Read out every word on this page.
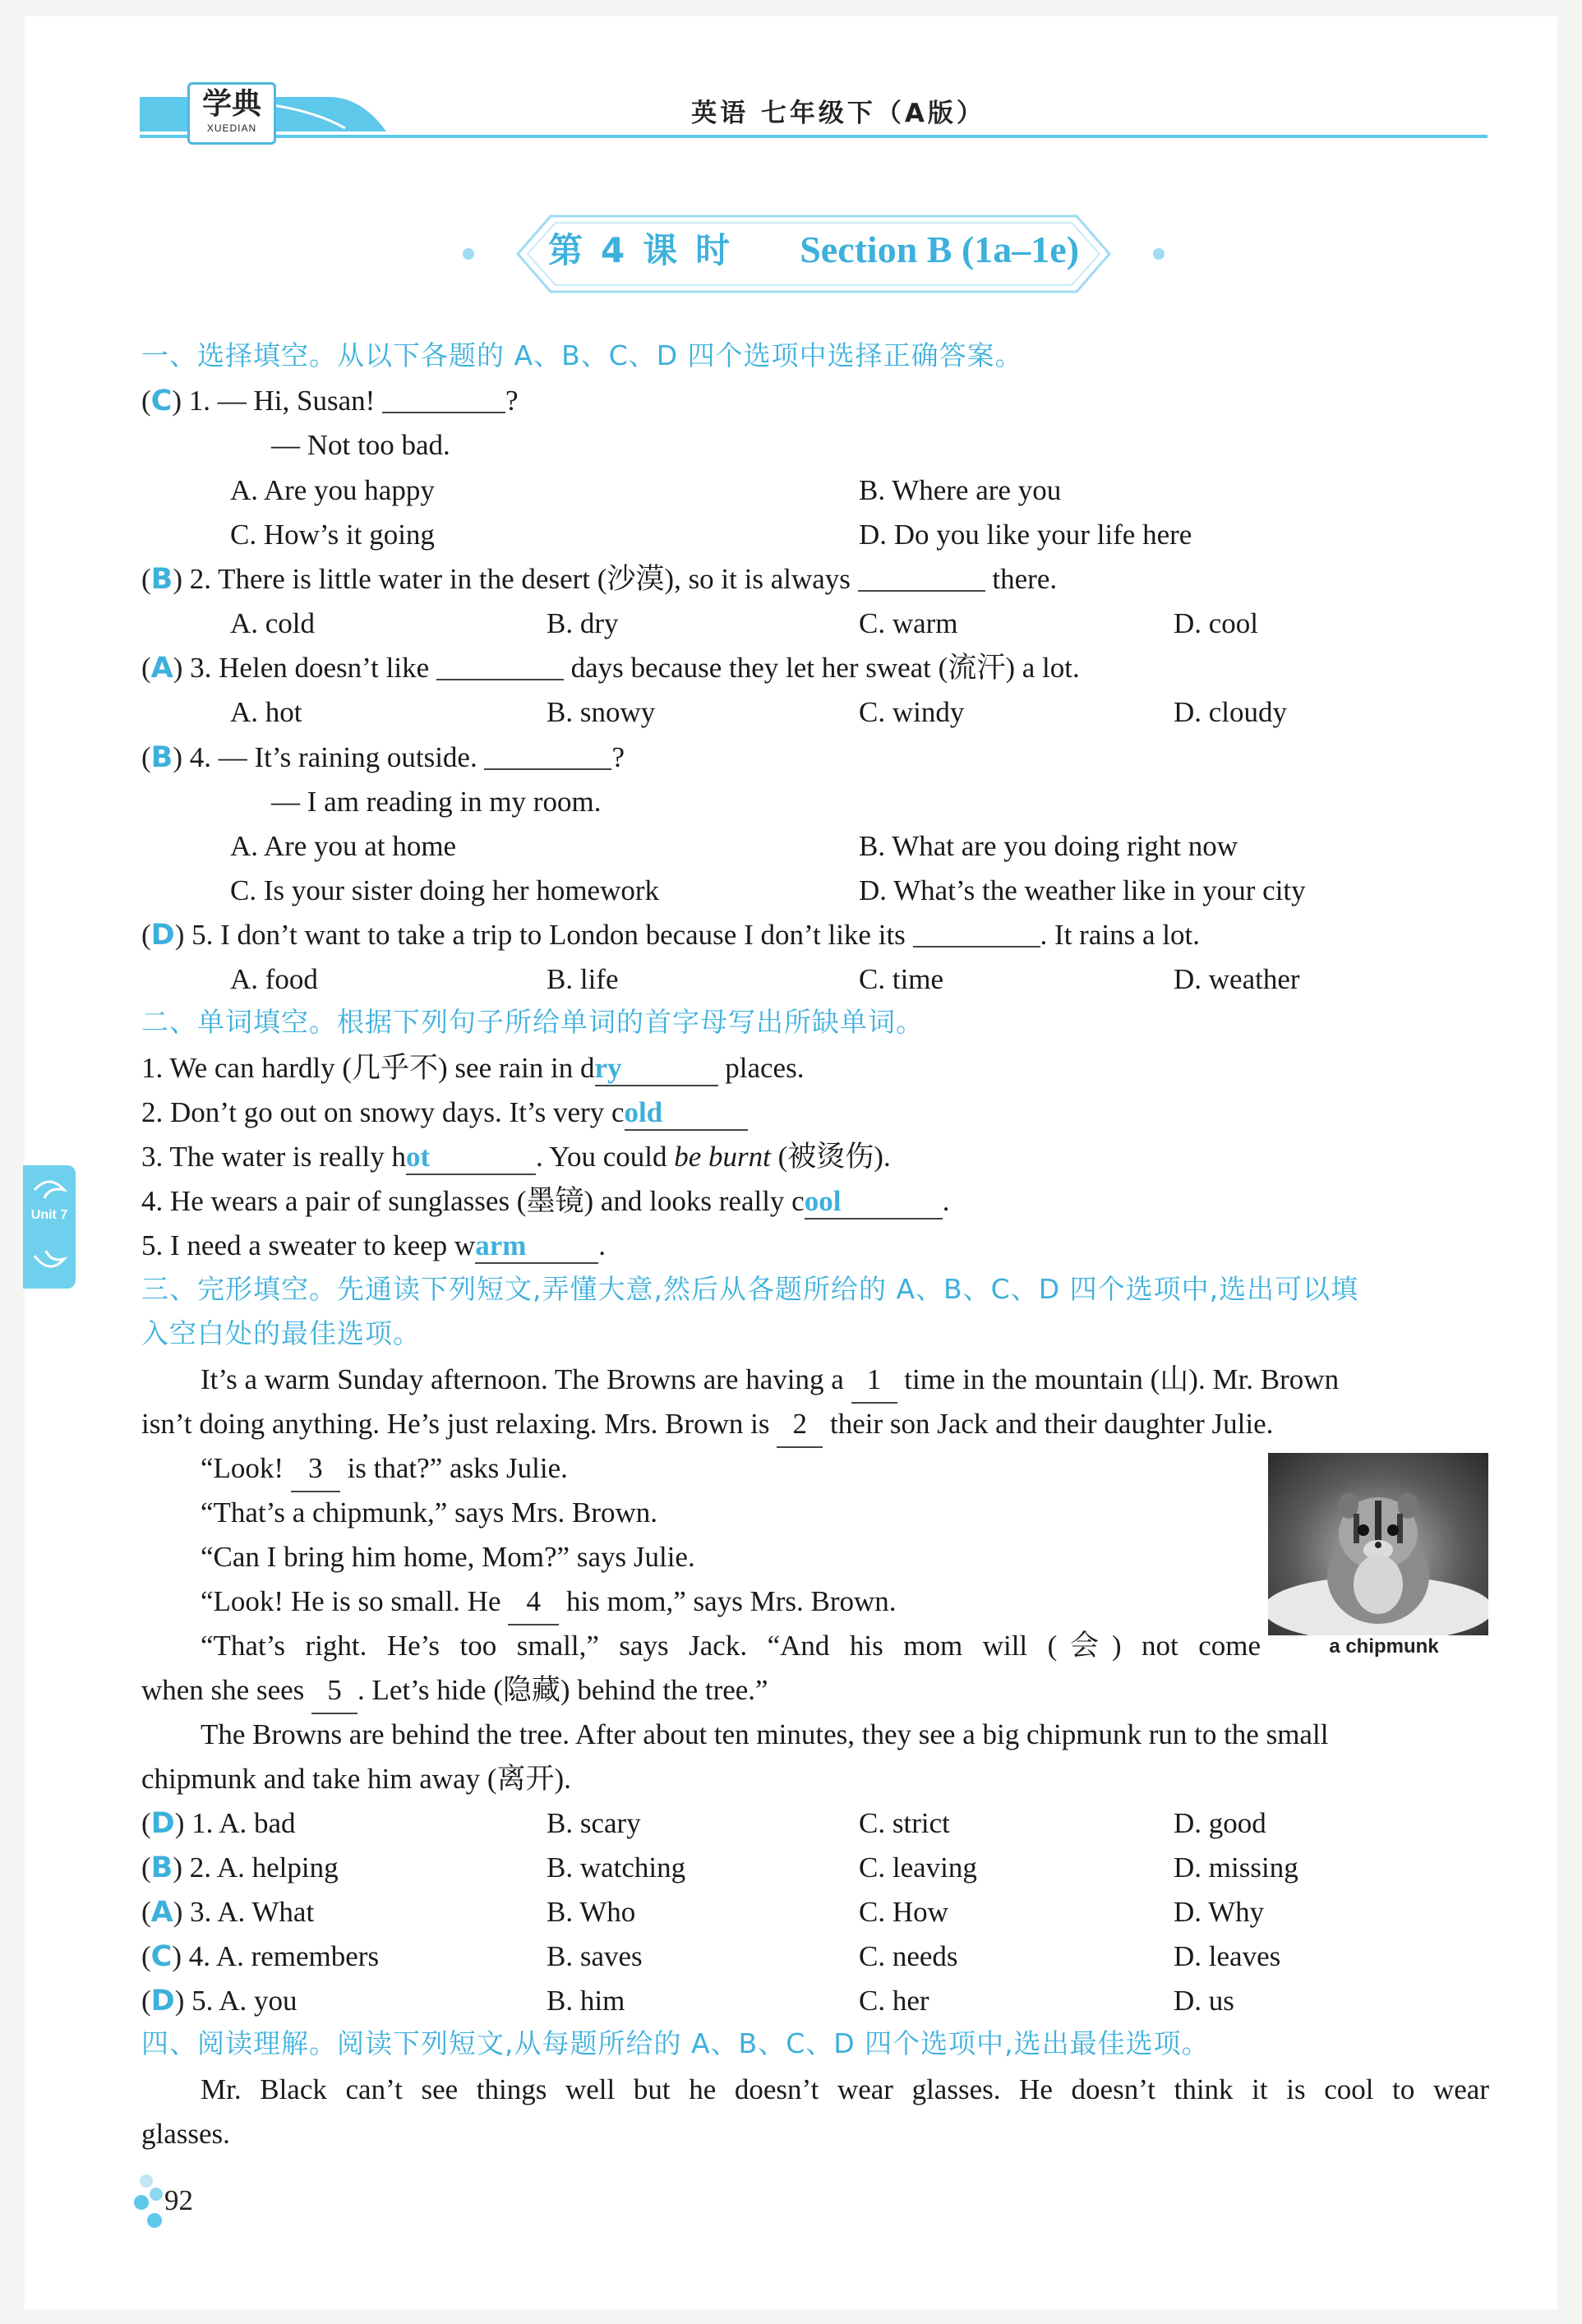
学典
XUEDIAN	英语 七年级下（A版）
第4课时 Section B (1a–1e)
一、选择填空。从以下各题的 A、B、C、D 四个选项中选择正确答案。
(C) 1. — Hi, Susan!	?
— Not too bad.
A. Are you happy	B. Where are you
C. How’s it going	D. Do you like your life here
(B) 2. There is little water in the desert (沙漠), so it is always	there.
A. cold	B. dry	C. warm	D. cool
(A) 3. Helen doesn’t like	days because they let her sweat (流汗) a lot.
A. hot	B. snowy	C. windy	D. cloudy
(B) 4. — It’s raining outside.	?
— I am reading in my room.
A. Are you at home	B. What are you doing right now
C. Is your sister doing her homework	D. What’s the weather like in your city
(D) 5. I don’t want to take a trip to London because I don’t like its	. It rains a lot.
A. food	B. life	C. time	D. weather
二、单词填空。根据下列句子所给单词的首字母写出所缺单词。
1. We can hardly (几乎不) see rain in dry	places.
2. Don’t go out on snowy days. It’s very cold
3. The water is really hot	. You could be burnt (被烫伤).
4. He wears a pair of sunglasses (墨镜) and looks really cool	.
5. I need a sweater to keep warm	.
三、完形填空。先通读下列短文,弄懂大意,然后从各题所给的 A、B、C、D 四个选项中,选出可以填
入空白处的最佳选项。
It’s a warm Sunday afternoon. The Browns are having a 1 time in the mountain (山). Mr. Brown
isn’t doing anything. He’s just relaxing. Mrs. Brown is 2 their son Jack and their daughter Julie.
“Look! 3 is that?” asks Julie.
“That’s a chipmunk,” says Mrs. Brown.
“Can I bring him home, Mom?” says Julie.
“Look! He is so small. He 4 his mom,” says Mrs. Brown.
“That’s right. He’s too small,” says Jack. “And his mom will (会) not come
when she sees 5 . Let’s hide (隐藏) behind the tree.”
The Browns are behind the tree. After about ten minutes, they see a big chipmunk run to the small
chipmunk and take him away (离开).
a chipmunk
(D) 1. A. bad	B. scary	C. strict	D. good
(B) 2. A. helping	B. watching	C. leaving	D. missing
(A) 3. A. What	B. Who	C. How	D. Why
(C) 4. A. remembers	B. saves	C. needs	D. leaves
(D) 5. A. you	B. him	C. her	D. us
四、阅读理解。阅读下列短文,从每题所给的 A、B、C、D 四个选项中,选出最佳选项。
Mr. Black can’t see things well but he doesn’t wear glasses. He doesn’t think it is cool to wear
glasses.
Unit 7
92
